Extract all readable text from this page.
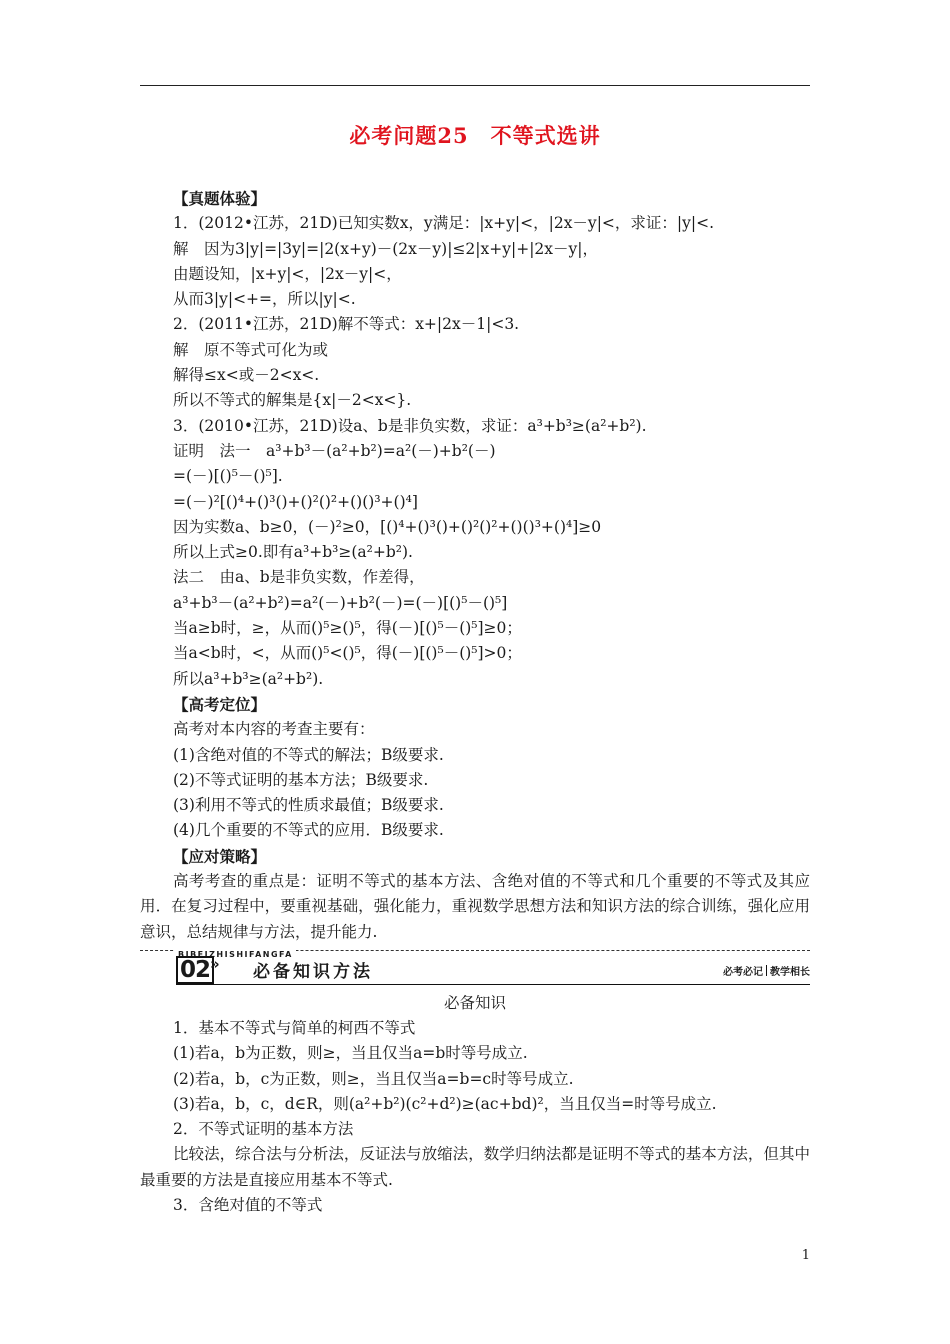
必考问题25　不等式选讲
【真题体验】
1．(2012•江苏，21D)已知实数x，y满足：|x+y|<，|2x－y|<，求证：|y|<.
解　因为3|y|=|3y|=|2(x+y)－(2x－y)|≤2|x+y|+|2x－y|，
由题设知，|x+y|<，|2x－y|<，
从而3|y|<+=，所以|y|<.
2．(2011•江苏，21D)解不等式：x+|2x－1|<3.
解　原不等式可化为或
解得≤x<或－2<x<.
所以不等式的解集是{x|－2<x<}.
3．(2010•江苏，21D)设a、b是非负实数，求证：a³+b³≥(a²+b²).
证明　法一　a³+b³－(a²+b²)=a²(－)+b²(－)
=(－)[()⁵－()⁵].
=(－)²[()⁴+()³()+()²()²+()()³+()⁴]
因为实数a、b≥0，(－)²≥0，[()⁴+()³()+()²()²+()()³+()⁴]≥0
所以上式≥0.即有a³+b³≥(a²+b²).
法二　由a、b是非负实数，作差得，
a³+b³－(a²+b²)=a²(－)+b²(－)=(－)[()⁵－()⁵]
当a≥b时，≥，从而()⁵≥()⁵，得(－)[()⁵－()⁵]≥0；
当a<b时，<，从而()⁵<()⁵，得(－)[()⁵－()⁵]>0；
所以a³+b³≥(a²+b²).
【高考定位】
高考对本内容的考查主要有：
(1)含绝对值的不等式的解法；B级要求.
(2)不等式证明的基本方法；B级要求.
(3)利用不等式的性质求最值；B级要求.
(4)几个重要的不等式的应用．B级要求.
【应对策略】
高考考查的重点是：证明不等式的基本方法、含绝对值的不等式和几个重要的不等式及其应用．在复习过程中，要重视基础，强化能力，重视数学思想方法和知识方法的综合训练，强化应用意识，总结规律与方法，提升能力.
BIBEIZHISHIFANGFA
02 » 必备知识方法	必考必记 教学相长
必备知识
1．基本不等式与简单的柯西不等式
(1)若a，b为正数，则≥，当且仅当a=b时等号成立.
(2)若a，b，c为正数，则≥，当且仅当a=b=c时等号成立.
(3)若a，b，c，d∈R，则(a²+b²)(c²+d²)≥(ac+bd)²，当且仅当=时等号成立.
2．不等式证明的基本方法
比较法，综合法与分析法，反证法与放缩法，数学归纳法都是证明不等式的基本方法，但其中最重要的方法是直接应用基本不等式.
3．含绝对值的不等式
1
